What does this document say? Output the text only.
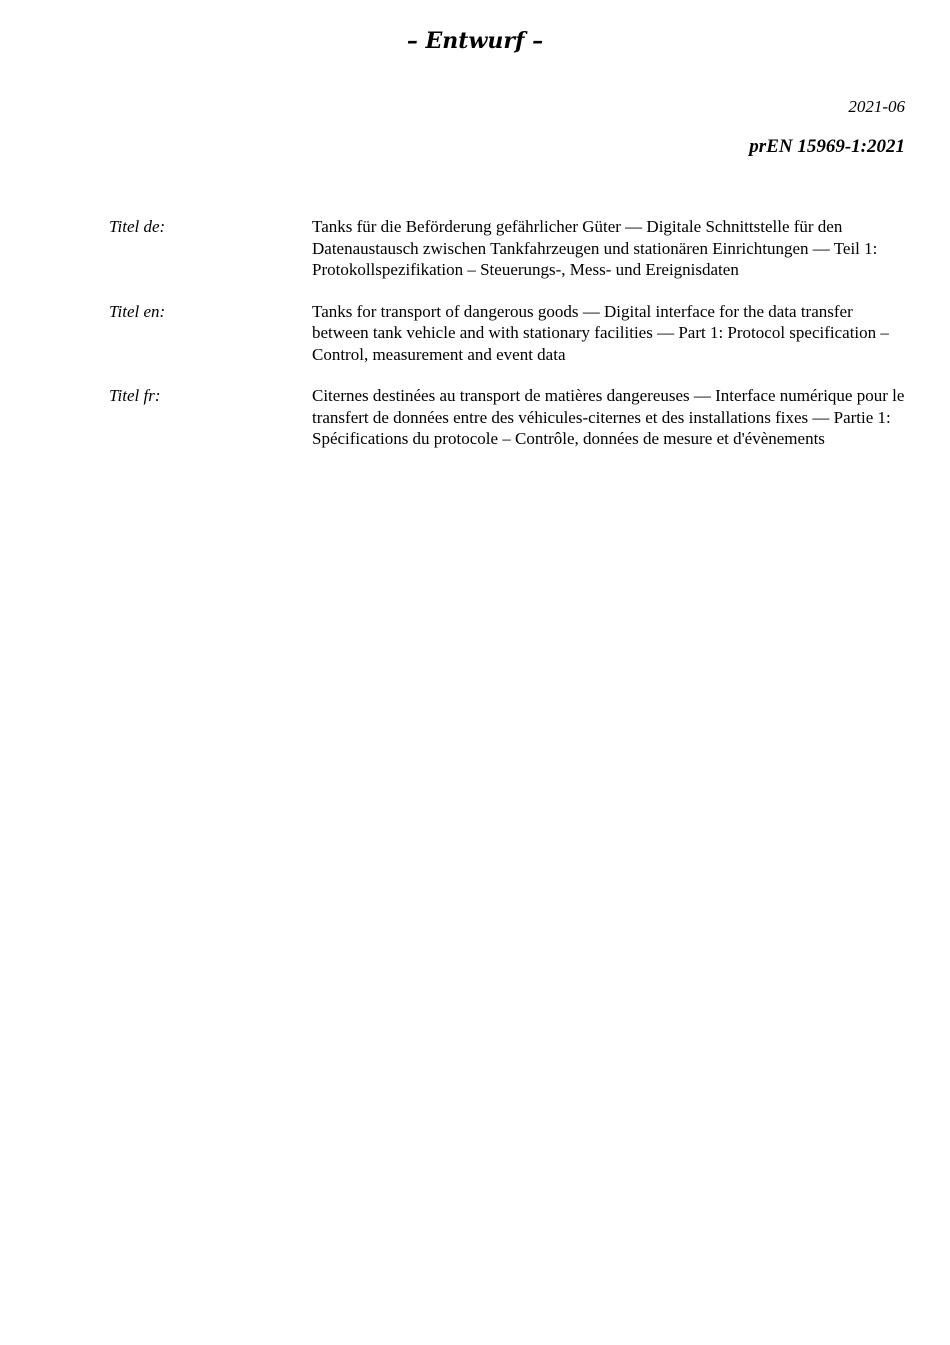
– Entwurf –
2021-06
prEN 15969-1:2021
Titel de:	Tanks für die Beförderung gefährlicher Güter — Digitale Schnittstelle für den Datenaustausch zwischen Tankfahrzeugen und stationären Einrichtungen — Teil 1: Protokollspezifikation – Steuerungs-, Mess- und Ereignisdaten
Titel en:	Tanks for transport of dangerous goods — Digital interface for the data transfer between tank vehicle and with stationary facilities — Part 1: Protocol specification – Control, measurement and event data
Titel fr:	Citernes destinées au transport de matières dangereuses — Interface numérique pour le transfert de données entre des véhicules-citernes et des installations fixes — Partie 1: Spécifications du protocole – Contrôle, données de mesure et d'évènements
